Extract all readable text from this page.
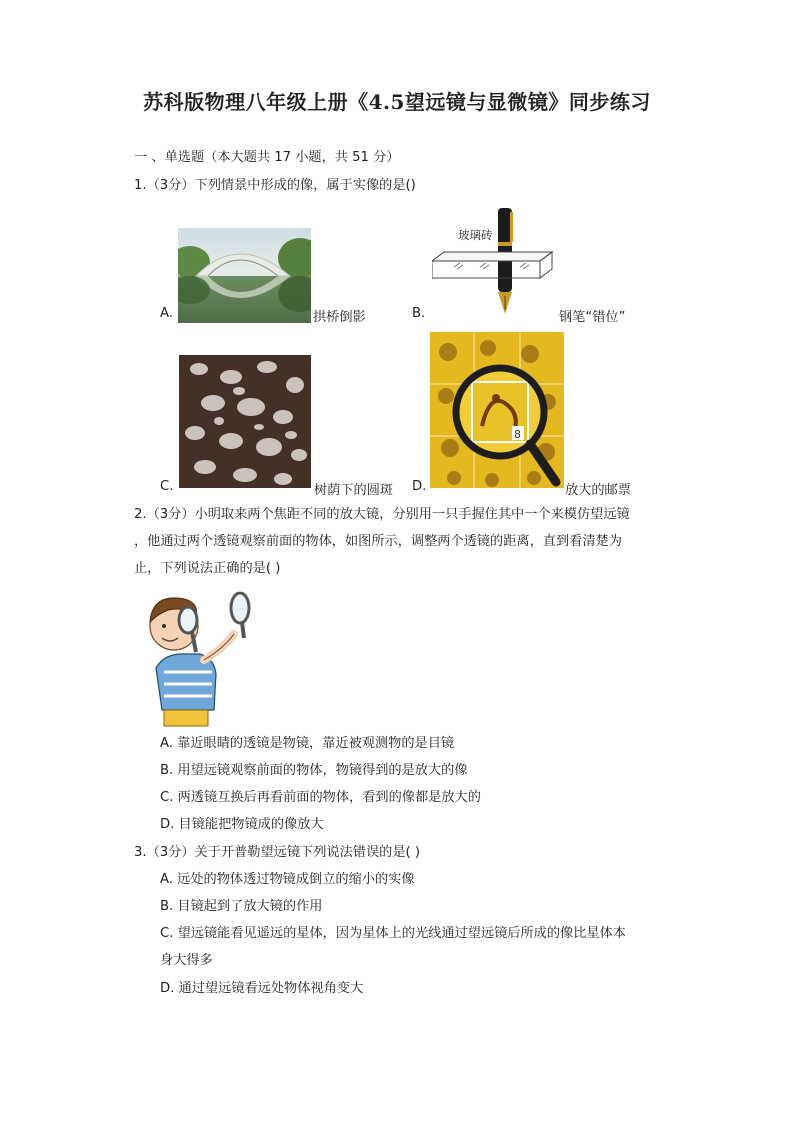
苏科版物理八年级上册《4.5望远镜与显微镜》同步练习
一 、单选题（本大题共 17 小题，共 51 分）
1.（3分）下列情景中形成的像，属于实像的是()
A.	拱桥倒影	B.
玻璃砖
钢笔“错位”
C.	树荫下的圆斑 D.
8
放大的邮票
2.（3分）小明取来两个焦距不同的放大镜，分别用一只手握住其中一个来模仿望远镜
，他通过两个透镜观察前面的物体，如图所示，调整两个透镜的距离，直到看清楚为
止，下列说法正确的是( )
A. 靠近眼睛的透镜是物镜，靠近被观测物的是目镜
B. 用望远镜观察前面的物体，物镜得到的是放大的像
C. 两透镜互换后再看前面的物体，看到的像都是放大的
D. 目镜能把物镜成的像放大
3.（3分）关于开普勒望远镜下列说法错误的是( )
A. 远处的物体透过物镜成倒立的缩小的实像
B. 目镜起到了放大镜的作用
C. 望远镜能看见遥远的星体，因为星体上的光线通过望远镜后所成的像比星体本
身大得多
D. 通过望远镜看远处物体视角变大
